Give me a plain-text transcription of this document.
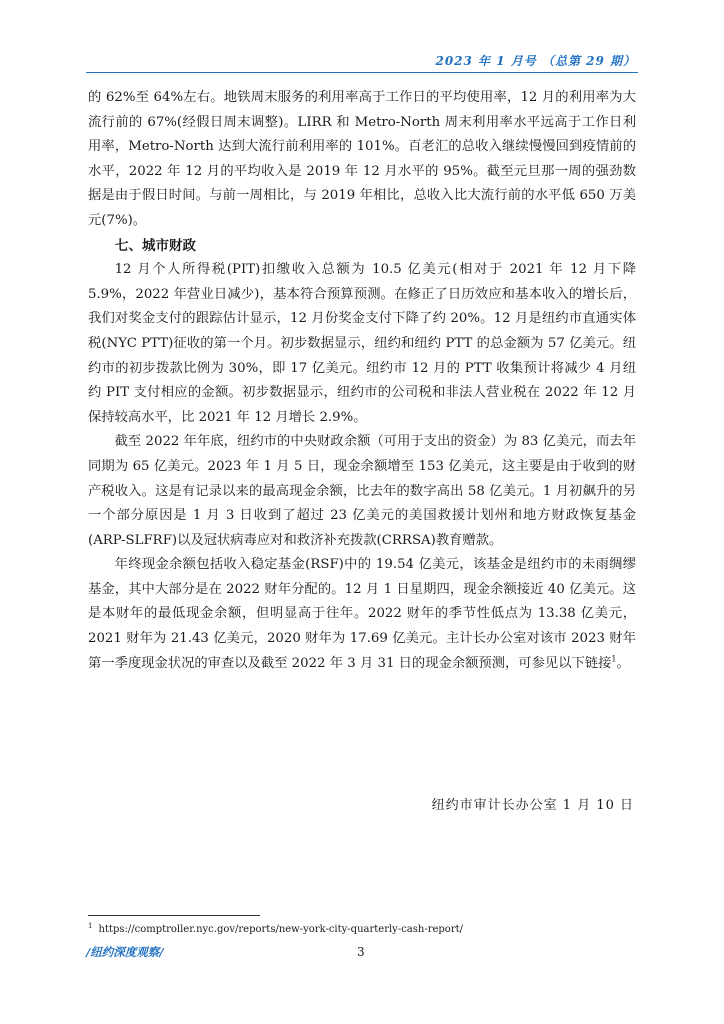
2023 年 1 月号 （总第 29 期）

的 62%至 64%左右。地铁周末服务的利用率高于工作日的平均使用率，12 月的利用率为大流行前的 67%(经假日周末调整)。LIRR 和 Metro-North 周末利用率水平远高于工作日利用率，Metro-North 达到大流行前利用率的 101%。百老汇的总收入继续慢慢回到疫情前的水平，2022 年 12 月的平均收入是 2019 年 12 月水平的 95%。截至元旦那一周的强劲数据是由于假日时间。与前一周相比，与 2019 年相比，总收入比大流行前的水平低 650 万美元(7%)。

七、城市财政

12 月个人所得税(PIT)扣缴收入总额为 10.5 亿美元(相对于 2021 年 12 月下降 5.9%，2022 年营业日减少)，基本符合预算预测。在修正了日历效应和基本收入的增长后，我们对奖金支付的跟踪估计显示，12 月份奖金支付下降了约 20%。12 月是纽约市直通实体税(NYC PTT)征收的第一个月。初步数据显示，纽约和纽约 PTT 的总金额为 57 亿美元。纽约市的初步拨款比例为 30%，即 17 亿美元。纽约市 12 月的 PTT 收集预计将减少 4 月纽约 PIT 支付相应的金额。初步数据显示，纽约市的公司税和非法人营业税在 2022 年 12 月保持较高水平，比 2021 年 12 月增长 2.9%。

截至 2022 年年底，纽约市的中央财政余额（可用于支出的资金）为 83 亿美元，而去年同期为 65 亿美元。2023 年 1 月 5 日，现金余额增至 153 亿美元，这主要是由于收到的财产税收入。这是有记录以来的最高现金余额，比去年的数字高出 58 亿美元。1 月初飙升的另一个部分原因是 1 月 3 日收到了超过 23 亿美元的美国救援计划州和地方财政恢复基金(ARP-SLFRF)以及冠状病毒应对和救济补充拨款(CRRSA)教育赠款。

年终现金余额包括收入稳定基金(RSF)中的 19.54 亿美元，该基金是纽约市的未雨绸缪基金，其中大部分是在 2022 财年分配的。12 月 1 日星期四，现金余额接近 40 亿美元。这是本财年的最低现金余额，但明显高于往年。2022 财年的季节性低点为 13.38 亿美元，2021 财年为 21.43 亿美元，2020 财年为 17.69 亿美元。主计长办公室对该市 2023 财年第一季度现金状况的审查以及截至 2022 年 3 月 31 日的现金余额预测，可参见以下链接$^1$。

纽约市审计长办公室 1 月 10 日
$^1$ https://comptroller.nyc.gov/reports/new-york-city-quarterly-cash-report/
/纽约深度观察/	3
